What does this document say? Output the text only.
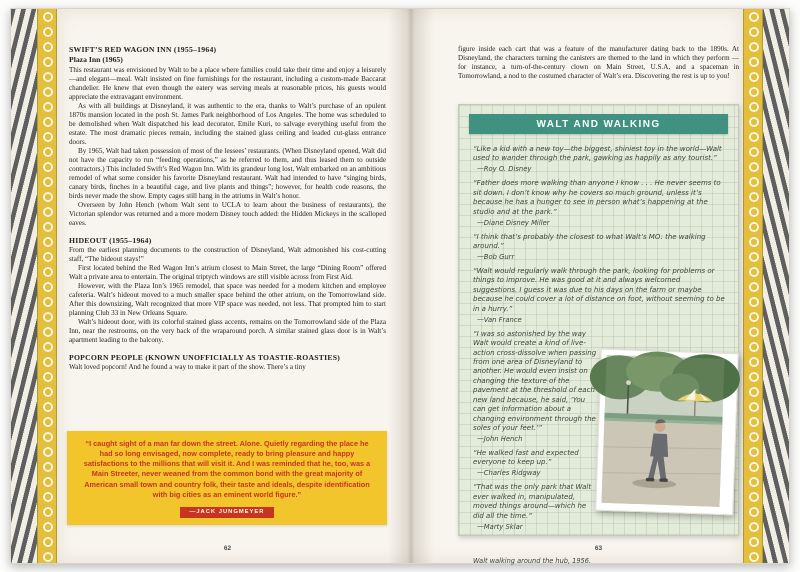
SWIFT’S RED WAGON INN (1955–1964)
Plaza Inn (1965)

This restaurant was envisioned by Walt to be a place where families could take their time and enjoy a leisurely—and elegant—meal. Walt insisted on fine furnishings for the restaurant, including a custom-made Baccarat chandelier. He knew that even though the eatery was serving meals at reasonable prices, his guests would appreciate the extravagant environment.

As with all buildings at Disneyland, it was authentic to the era, thanks to Walt’s purchase of an opulent 1870s mansion located in the posh St. James Park neighborhood of Los Angeles. The home was scheduled to be demolished when Walt dispatched his lead decorator, Emile Kuri, to salvage everything useful from the estate. The most dramatic pieces remain, including the stained glass ceiling and leaded cut-glass entrance doors.

By 1965, Walt had taken possession of most of the lessees’ restaurants. (When Disneyland opened, Walt did not have the capacity to run “feeding operations,” as he referred to them, and thus leased them to outside contractors.) This included Swift’s Red Wagon Inn. With its grandeur long lost, Walt embarked on an ambitious remodel of what some consider his favorite Disneyland restaurant. Walt had intended to have “singing birds, canary birds, finches in a beautiful cage, and live plants and things”; however, for health code reasons, the birds never made the show. Empty cages still hang in the atriums in Walt’s honor.

Overseen by John Hench (whom Walt sent to UCLA to learn about the business of restaurants), the Victorian splendor was returned and a more modern Disney touch added: the Hidden Mickeys in the scalloped eaves.

HIDEOUT (1955–1964)

From the earliest planning documents to the construction of Disneyland, Walt admonished his cost-cutting staff, “The hideout stays!”

First located behind the Red Wagon Inn’s atrium closest to Main Street, the large “Dining Room” offered Walt a private area to entertain. The original triptych windows are still visible across from First Aid.

However, with the Plaza Inn’s 1965 remodel, that space was needed for a modern kitchen and employee cafeteria. Walt’s hideout moved to a much smaller space behind the other atrium, on the Tomorrowland side. After this downsizing, Walt recognized that more VIP space was needed, not less. That prompted him to start planning Club 33 in New Orleans Square.

Walt’s hideout door, with its colorful stained glass accents, remains on the Tomorrowland side of the Plaza Inn, near the restrooms, on the very back of the wraparound porch. A similar stained glass door is in Walt’s apartment leading to the balcony.

POPCORN PEOPLE (KNOWN UNOFFICIALLY AS TOASTIE-ROASTIES)

Walt loved popcorn! And he found a way to make it part of the show. There’s a tiny

“I caught sight of a man far down the street. Alone. Quietly regarding the place he had so long envisaged, now complete, ready to bring pleasure and happy satisfactions to the millions that will visit it. And I was reminded that he, too, was a Main Streeter, never weaned from the common bond with the great majority of American small town and country folk, their taste and ideals, despite identification with big cities as an eminent world figure.”
—JACK JUNGMEYER
62

figure inside each cart that was a feature of the manufacturer dating back to the 1890s. At Disneyland, the characters turning the canisters are themed to the land in which they perform — for instance, a turn-of-the-century clown on Main Street, U.S.A, and a spaceman in Tomorrowland, a nod to the costumed character of Walt’s era. Discovering the rest is up to you!

WALT AND WALKING
“Like a kid with a new toy—the biggest, shiniest toy in the world—Walt used to wander through the park, gawking as happily as any tourist.”
—Roy O. Disney
“Father does more walking than anyone I know . . . He never seems to sit down. I don’t know why he covers so much ground, unless it’s because he has a hunger to see in person what’s happening at the studio and at the park.”
—Diane Disney Miller
“I think that’s probably the closest to what Walt’s MO: the walking around.”
—Bob Gurr
“Walt would regularly walk through the park, looking for problems or things to improve. He was good at it and always welcomed suggestions. I guess it was due to his days on the farm or maybe because he could cover a lot of distance on foot, without seeming to be in a hurry.”
—Van France
“I was so astonished by the way Walt would create a kind of live-action cross-dissolve when passing from one area of Disneyland to another. He would even insist on changing the texture of the pavement at the threshold of each new land because, he said, ‘You can get information about a changing environment through the soles of your feet.’”
—John Hench
“He walked fast and expected everyone to keep up.”
—Charles Ridgway
“That was the only park that Walt ever walked in, manipulated, moved things around—which he did all the time.”
—Marty Sklar
Walt walking around the hub, 1956.
63
